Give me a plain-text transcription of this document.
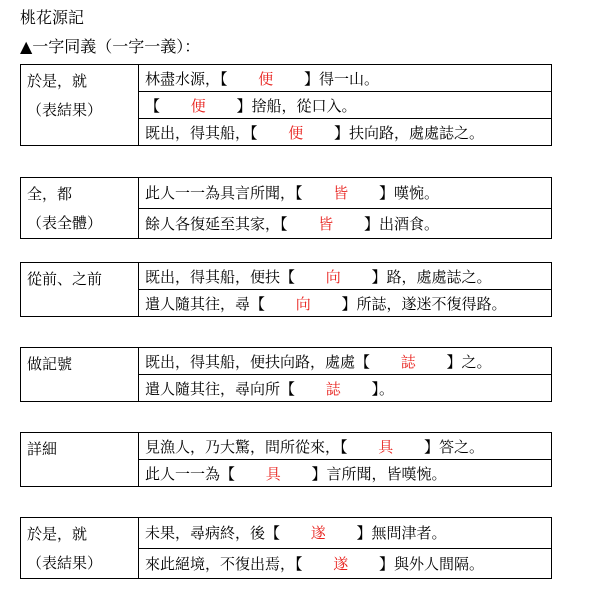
桃花源記
▲一字同義（一字一義）：
於是，就
（表結果）
	林盡水源，【 便 】得一山。
【 便 】捨船，從口入。
既出，得其船，【 便 】扶向路，處處誌之。
全，都
（表全體）
	此人一一為具言所聞，【 皆 】嘆惋。
餘人各復延至其家，【 皆 】出酒食。
從前、之前	既出，得其船，便扶【 向 】路，處處誌之。
遣人隨其往，尋【 向 】所誌，遂迷不復得路。
做記號	既出，得其船，便扶向路，處處【 誌 】之。
遣人隨其往，尋向所【 誌 】。
詳細	見漁人，乃大驚，問所從來，【 具 】答之。
此人一一為【 具 】言所聞，皆嘆惋。
於是，就
（表結果）
	未果，尋病終，後【 遂 】無問津者。
來此絕境，不復出焉，【 遂 】與外人間隔。
